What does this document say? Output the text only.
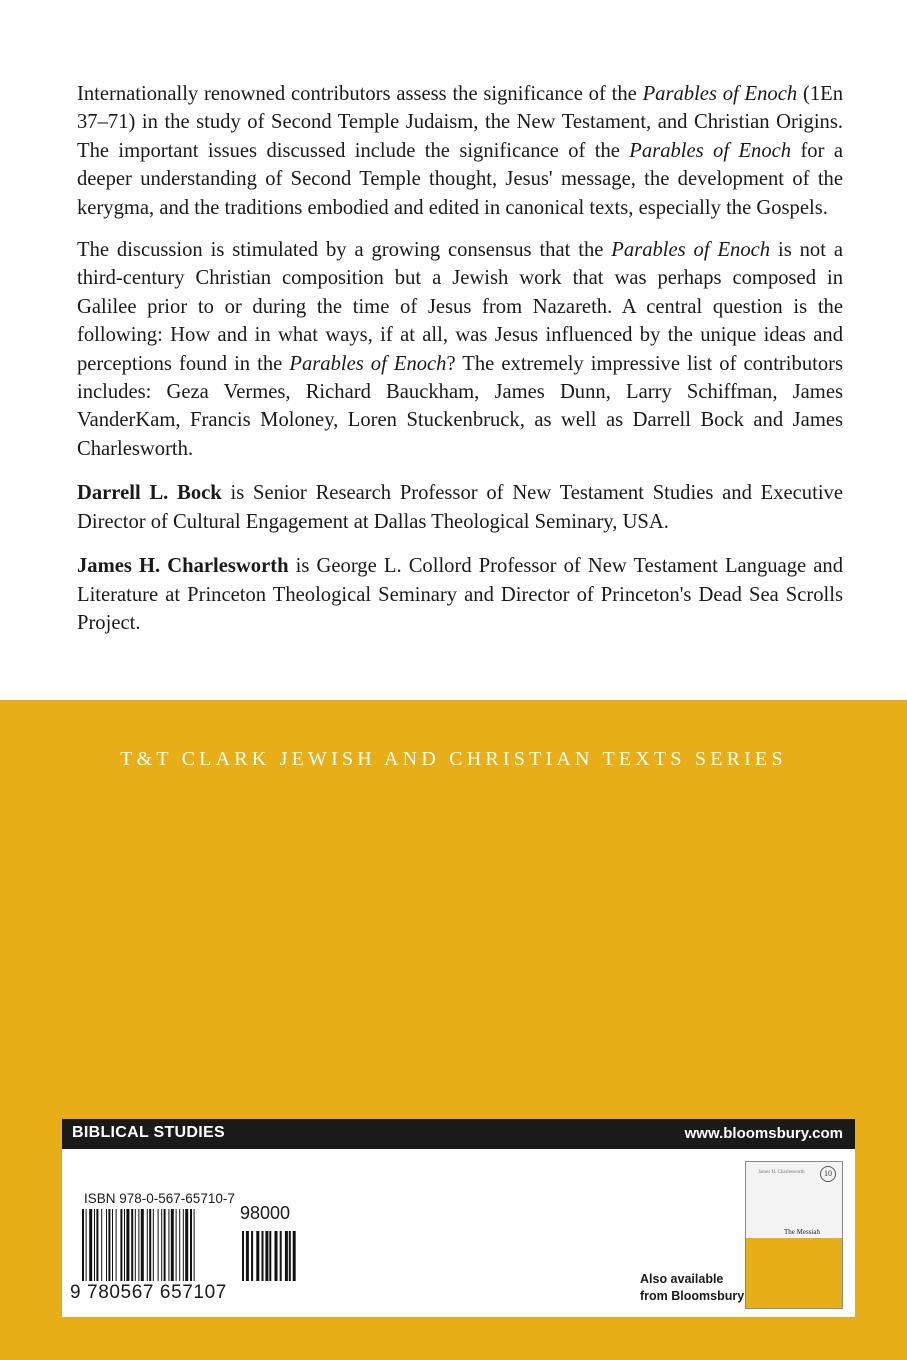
Internationally renowned contributors assess the significance of the Parables of Enoch (1En 37–71) in the study of Second Temple Judaism, the New Testament, and Christian Origins. The important issues discussed include the significance of the Parables of Enoch for a deeper understanding of Second Temple thought, Jesus' message, the development of the kerygma, and the traditions embodied and edited in canonical texts, especially the Gospels.

The discussion is stimulated by a growing consensus that the Parables of Enoch is not a third-century Christian composition but a Jewish work that was perhaps composed in Galilee prior to or during the time of Jesus from Nazareth. A central question is the following: How and in what ways, if at all, was Jesus influenced by the unique ideas and perceptions found in the Parables of Enoch? The extremely impressive list of contributors includes: Geza Vermes, Richard Bauckham, James Dunn, Larry Schiffman, James VanderKam, Francis Moloney, Loren Stuckenbruck, as well as Darrell Bock and James Charlesworth.

Darrell L. Bock is Senior Research Professor of New Testament Studies and Executive Director of Cultural Engagement at Dallas Theological Seminary, USA.

James H. Charlesworth is George L. Collord Professor of New Testament Language and Literature at Princeton Theological Seminary and Director of Princeton's Dead Sea Scrolls Project.

T&T CLARK JEWISH AND CHRISTIAN TEXTS SERIES
BIBLICAL STUDIES	www.bloomsbury.com
ISBN 978-0-567-65710-7
9 780567 657107
98000
Also available
from Bloomsbury
James H. Charlesworth	10
The Messiah
